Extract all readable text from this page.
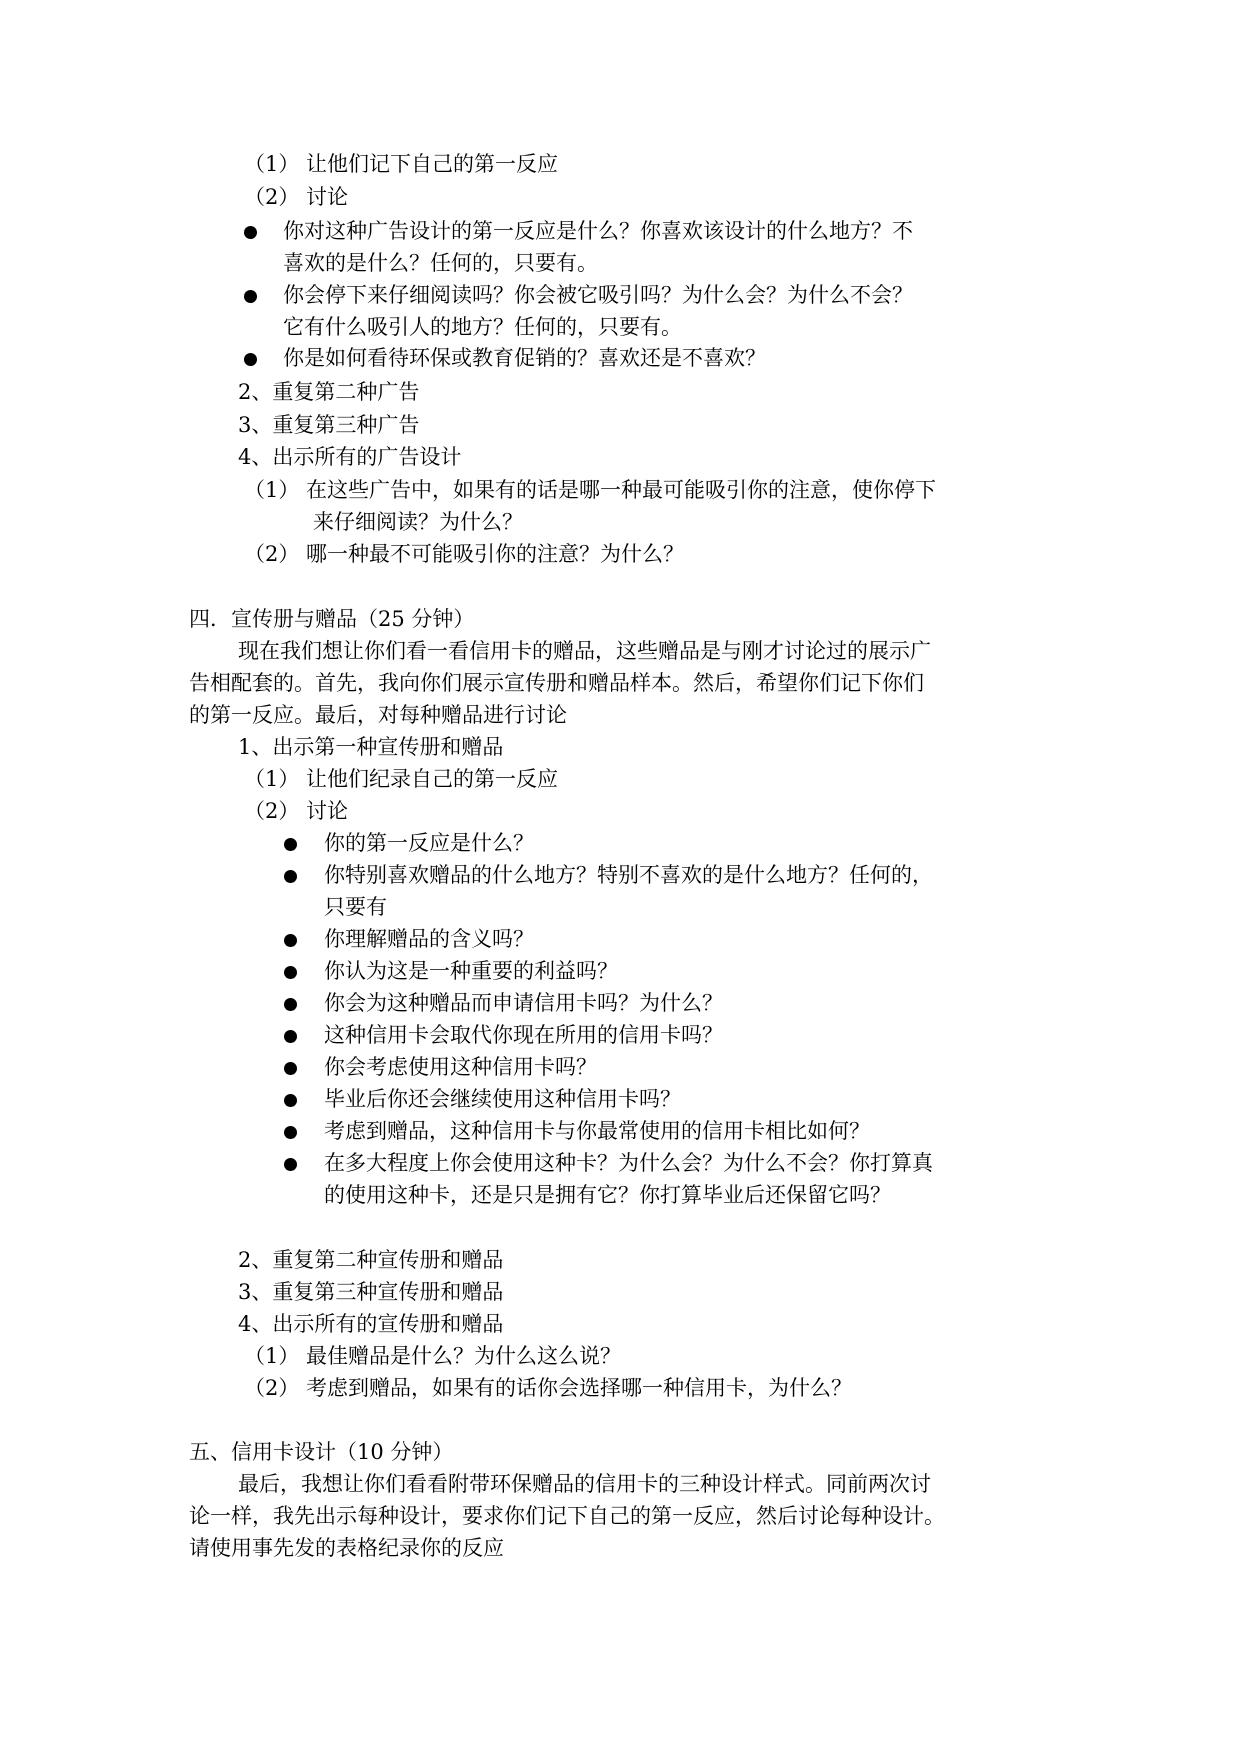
（1） 让他们记下自己的第一反应
（2） 讨论
你对这种广告设计的第一反应是什么？你喜欢该设计的什么地方？不
喜欢的是什么？任何的，只要有。
你会停下来仔细阅读吗？你会被它吸引吗？为什么会？为什么不会？
它有什么吸引人的地方？任何的，只要有。
你是如何看待环保或教育促销的？喜欢还是不喜欢？
2、重复第二种广告
3、重复第三种广告
4、出示所有的广告设计
（1） 在这些广告中，如果有的话是哪一种最可能吸引你的注意，使你停下
来仔细阅读？为什么？
（2） 哪一种最不可能吸引你的注意？为什么？
四．宣传册与赠品（25 分钟）
现在我们想让你们看一看信用卡的赠品，这些赠品是与刚才讨论过的展示广
告相配套的。首先，我向你们展示宣传册和赠品样本。然后，希望你们记下你们
的第一反应。最后，对每种赠品进行讨论
1、出示第一种宣传册和赠品
（1） 让他们纪录自己的第一反应
（2） 讨论
你的第一反应是什么？
你特别喜欢赠品的什么地方？特别不喜欢的是什么地方？任何的，
只要有
你理解赠品的含义吗？
你认为这是一种重要的利益吗？
你会为这种赠品而申请信用卡吗？为什么？
这种信用卡会取代你现在所用的信用卡吗？
你会考虑使用这种信用卡吗？
毕业后你还会继续使用这种信用卡吗？
考虑到赠品，这种信用卡与你最常使用的信用卡相比如何？
在多大程度上你会使用这种卡？为什么会？为什么不会？你打算真
的使用这种卡，还是只是拥有它？你打算毕业后还保留它吗？
2、重复第二种宣传册和赠品
3、重复第三种宣传册和赠品
4、出示所有的宣传册和赠品
（1） 最佳赠品是什么？为什么这么说？
（2） 考虑到赠品，如果有的话你会选择哪一种信用卡，为什么？
五、信用卡设计（10 分钟）
最后，我想让你们看看附带环保赠品的信用卡的三种设计样式。同前两次讨
论一样，我先出示每种设计，要求你们记下自己的第一反应，然后讨论每种设计。
请使用事先发的表格纪录你的反应
